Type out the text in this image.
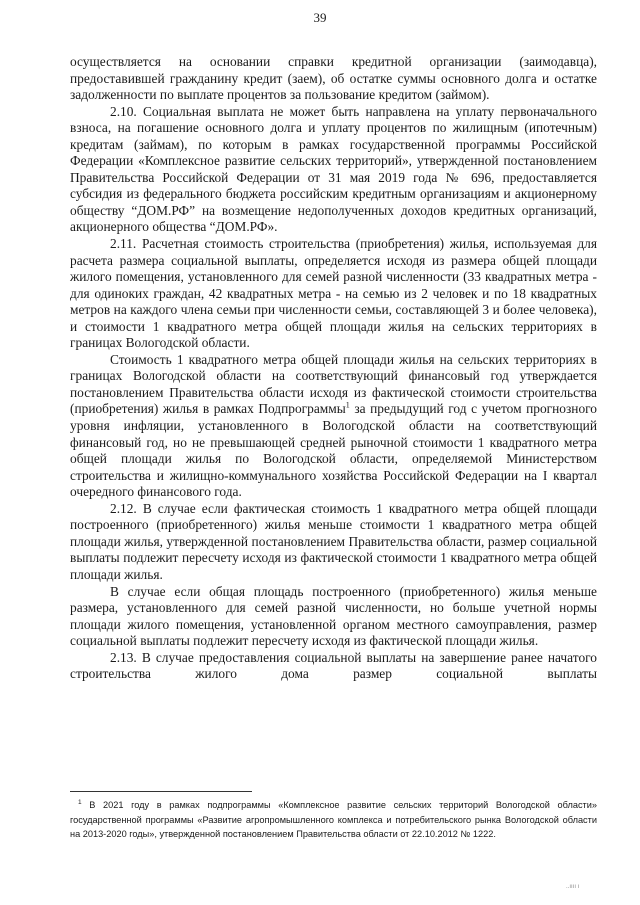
39

осуществляется на основании справки кредитной организации (заимодавца), предоставившей гражданину кредит (заем), об остатке суммы основного долга и остатке задолженности по выплате процентов за пользование кредитом (займом).

2.10. Социальная выплата не может быть направлена на уплату первоначального взноса, на погашение основного долга и уплату процентов по жилищным (ипотечным) кредитам (займам), по которым в рамках государственной программы Российской Федерации «Комплексное развитие сельских территорий», утвержденной постановлением Правительства Российской Федерации от 31 мая 2019 года № 696, предоставляется субсидия из федерального бюджета российским кредитным организациям и акционерному обществу “ДОМ.РФ” на возмещение недополученных доходов кредитных организаций, акционерного общества “ДОМ.РФ».

2.11. Расчетная стоимость строительства (приобретения) жилья, используемая для расчета размера социальной выплаты, определяется исходя из размера общей площади жилого помещения, установленного для семей разной численности (33 квадратных метра - для одиноких граждан, 42 квадратных метра - на семью из 2 человек и по 18 квадратных метров на каждого члена семьи при численности семьи, составляющей 3 и более человека), и стоимости 1 квадратного метра общей площади жилья на сельских территориях в границах Вологодской области.

Стоимость 1 квадратного метра общей площади жилья на сельских территориях в границах Вологодской области на соответствующий финансовый год утверждается постановлением Правительства области исходя из фактической стоимости строительства (приобретения) жилья в рамках Подпрограммы$^1$ за предыдущий год с учетом прогнозного уровня инфляции, установленного в Вологодской области на соответствующий финансовый год, но не превышающей средней рыночной стоимости 1 квадратного метра общей площади жилья по Вологодской области, определяемой Министерством строительства и жилищно-коммунального хозяйства Российской Федерации на I квартал очередного финансового года.

2.12. В случае если фактическая стоимость 1 квадратного метра общей площади построенного (приобретенного) жилья меньше стоимости 1 квадратного метра общей площади жилья, утвержденной постановлением Правительства области, размер социальной выплаты подлежит пересчету исходя из фактической стоимости 1 квадратного метра общей площади жилья.

В случае если общая площадь построенного (приобретенного) жилья меньше размера, установленного для семей разной численности, но больше учетной нормы площади жилого помещения, установленной органом местного самоуправления, размер социальной выплаты подлежит пересчету исходя из фактической площади жилья.

2.13. В случае предоставления социальной выплаты на завершение ранее начатого строительства жилого дома размер социальной выплаты

$^1$ В 2021 году в рамках подпрограммы «Комплексное развитие сельских территорий Вологодской области» государственной программы «Развитие агропромышленного комплекса и потребительского рынка Вологодской области на 2013-2020 годы», утвержденной постановлением Правительства области от 22.10.2012 № 1222.

..ıııı ı
